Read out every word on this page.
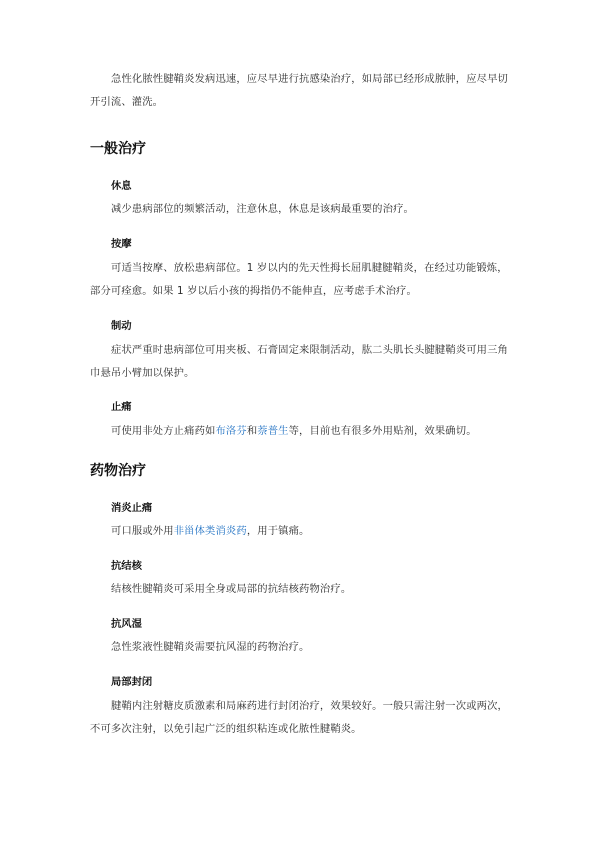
急性化脓性腱鞘炎发病迅速，应尽早进行抗感染治疗，如局部已经形成脓肿，应尽早切
开引流、灌洗。
一般治疗
休息
减少患病部位的频繁活动，注意休息，休息是该病最重要的治疗。
按摩
可适当按摩、放松患病部位。1 岁以内的先天性拇长屈肌腱腱鞘炎，在经过功能锻炼，
部分可痊愈。如果 1 岁以后小孩的拇指仍不能伸直，应考虑手术治疗。
制动
症状严重时患病部位可用夹板、石膏固定来限制活动，肱二头肌长头腱腱鞘炎可用三角
巾悬吊小臂加以保护。
止痛
可使用非处方止痛药如布洛芬和萘普生等，目前也有很多外用贴剂，效果确切。
药物治疗
消炎止痛
可口服或外用非甾体类消炎药，用于镇痛。
抗结核
结核性腱鞘炎可采用全身或局部的抗结核药物治疗。
抗风湿
急性浆液性腱鞘炎需要抗风湿的药物治疗。
局部封闭
腱鞘内注射糖皮质激素和局麻药进行封闭治疗，效果较好。一般只需注射一次或两次，
不可多次注射，以免引起广泛的组织粘连或化脓性腱鞘炎。
